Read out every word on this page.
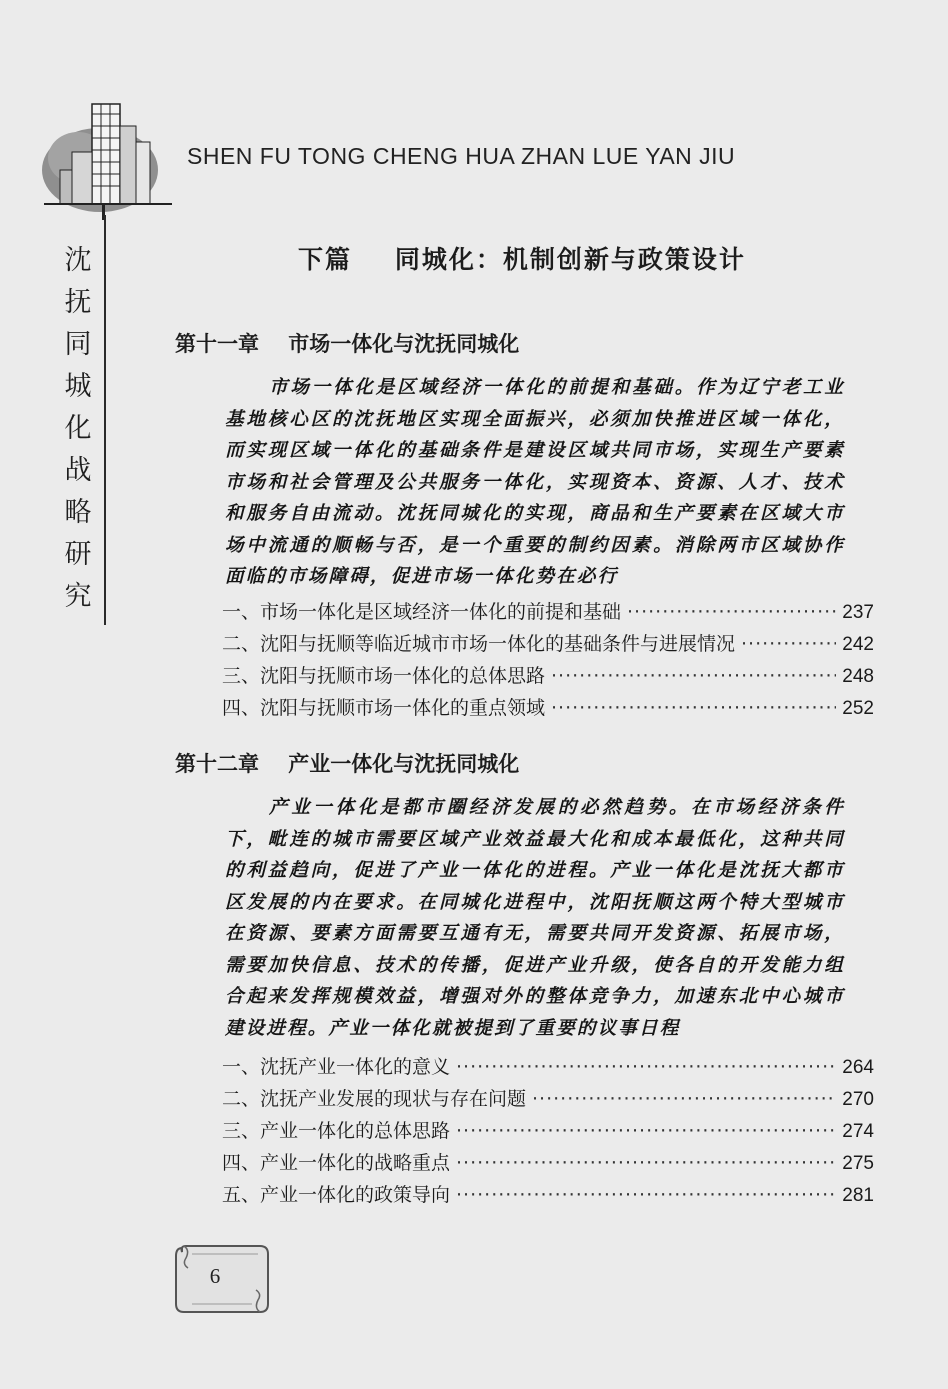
SHEN FU TONG CHENG HUA ZHAN LUE YAN JIU
沈
抚
同
城
化
战
略
研
究
下篇    同城化：机制创新与政策设计
第十一章    市场一体化与沈抚同城化
市场一体化是区域经济一体化的前提和基础。作为辽宁老工业基地核心区的沈抚地区实现全面振兴，必须加快推进区域一体化，而实现区域一体化的基础条件是建设区域共同市场，实现生产要素市场和社会管理及公共服务一体化，实现资本、资源、人才、技术和服务自由流动。沈抚同城化的实现，商品和生产要素在区域大市场中流通的顺畅与否，是一个重要的制约因素。消除两市区域协作面临的市场障碍，促进市场一体化势在必行
一、市场一体化是区域经济一体化的前提和基础 ·····	237
二、沈阳与抚顺等临近城市市场一体化的基础条件与进展情况 ·····	242
三、沈阳与抚顺市场一体化的总体思路 ·····	248
四、沈阳与抚顺市场一体化的重点领域 ·····	252
第十二章    产业一体化与沈抚同城化
产业一体化是都市圈经济发展的必然趋势。在市场经济条件下，毗连的城市需要区域产业效益最大化和成本最低化，这种共同的利益趋向，促进了产业一体化的进程。产业一体化是沈抚大都市区发展的内在要求。在同城化进程中，沈阳抚顺这两个特大型城市在资源、要素方面需要互通有无，需要共同开发资源、拓展市场，需要加快信息、技术的传播，促进产业升级，使各自的开发能力组合起来发挥规模效益，增强对外的整体竞争力，加速东北中心城市建设进程。产业一体化就被提到了重要的议事日程
一、沈抚产业一体化的意义 ·····	264
二、沈抚产业发展的现状与存在问题 ·····	270
三、产业一体化的总体思路 ·····	274
四、产业一体化的战略重点 ·····	275
五、产业一体化的政策导向 ·····	281
6
